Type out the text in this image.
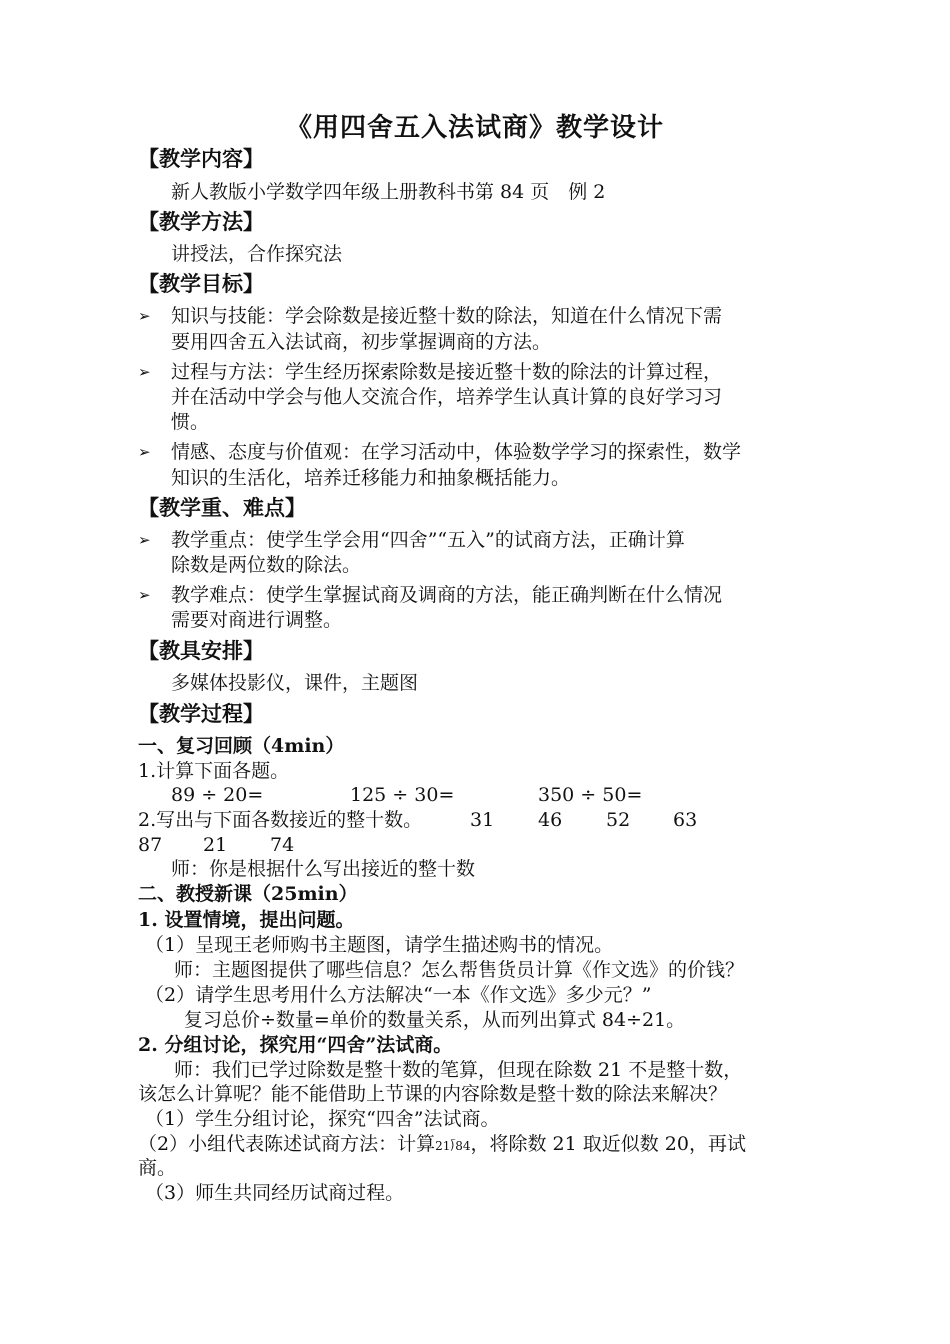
《用四舍五入法试商》教学设计
【教学内容】
新人教版小学数学四年级上册教科书第 84 页　例 2
【教学方法】
讲授法，合作探究法
【教学目标】
➢ 知识与技能：学会除数是接近整十数的除法，知道在什么情况下需
要用四舍五入法试商，初步掌握调商的方法。
➢ 过程与方法：学生经历探索除数是接近整十数的除法的计算过程，
并在活动中学会与他人交流合作，培养学生认真计算的良好学习习
惯。
➢ 情感、态度与价值观：在学习活动中，体验数学学习的探索性，数学
知识的生活化，培养迁移能力和抽象概括能力。
【教学重、难点】
➢ 教学重点：使学生学会用“四舍”“五入”的试商方法，正确计算
除数是两位数的除法。
➢ 教学难点：使学生掌握试商及调商的方法，能正确判断在什么情况
需要对商进行调整。
【教具安排】
多媒体投影仪，课件，主题图
【教学过程】
一、复习回顾（4min）
1.计算下面各题。
89 ÷ 20=	125 ÷ 30=	350 ÷ 50=
2.写出与下面各数接近的整十数。	31 46 52 63
87 21 74
师：你是根据什么写出接近的整十数
二、教授新课（25min）
1. 设置情境，提出问题。
（1）呈现王老师购书主题图，请学生描述购书的情况。
师：主题图提供了哪些信息？怎么帮售货员计算《作文选》的价钱？
（2）请学生思考用什么方法解决“一本《作文选》多少元？”
复习总价÷数量=单价的数量关系，从而列出算式 84÷21。
2. 分组讨论，探究用“四舍”法试商。
师：我们已学过除数是整十数的笔算，但现在除数 21 不是整十数，
该怎么计算呢？能不能借助上节课的内容除数是整十数的除法来解决？
（1）学生分组讨论，探究“四舍”法试商。
（2）小组代表陈述试商方法：计算21⟌84，将除数 21 取近似数 20，再试
商。
（3）师生共同经历试商过程。
